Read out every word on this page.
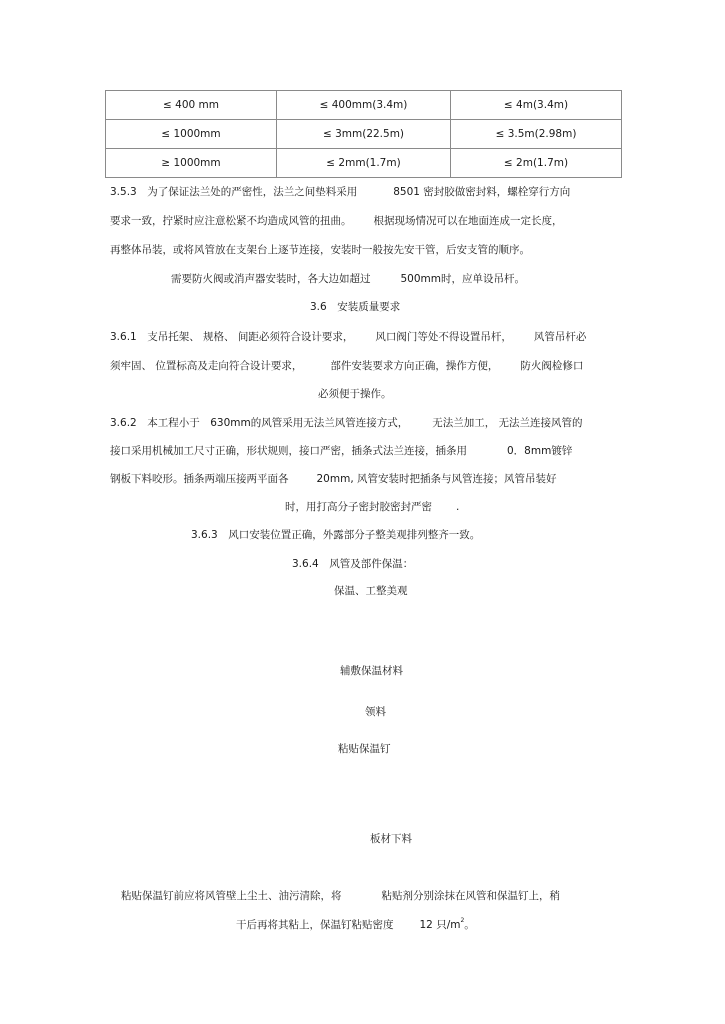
≤ 400 mm	≤ 400mm(3.4m)	≤ 4m(3.4m)
≤ 1000mm	≤ 3mm(22.5m)	≤ 3.5m(2.98m)
≥ 1000mm	≤ 2mm(1.7m)	≤ 2m(1.7m)
3.5.3　为了保证法兰处的严密性，法兰之间垫料采用	8501 密封胶做密封料，螺栓穿行方向
要求一致，拧紧时应注意松紧不均造成风管的扭曲。 根据现场情况可以在地面连成一定长度，
再整体吊装，或将风管放在支架台上逐节连接，安装时一般按先安干管，后安支管的顺序。
需要防火阀或消声器安装时，各大边如超过	500mm时，应单设吊杆。
3.6　安装质量要求
3.6.1　支吊托架、 规格、 间距必须符合设计要求， 风口阀门等处不得设置吊杆， 风管吊杆必
须牢固、 位置标高及走向符合设计要求，	部件安装要求方向正确，操作方便， 防火阀检修口
必须便于操作。
3.6.2　本工程小于　630mm的风管采用无法兰风管连接方式， 无法兰加工， 无法兰连接风管的
接口采用机械加工尺寸正确，形状规则，接口严密，插条式法兰连接，插条用	0．8mm镀锌
钢板下料咬形。插条两端压接两平面各	20mm, 风管安装时把插条与风管连接；风管吊装好
时，用打高分子密封胶密封严密 .
3.6.3　风口安装位置正确，外露部分子整美观排列整齐一致。
3.6.4　风管及部件保温：
保温、工整美观
辅敷保温材料
领料
粘贴保温钉
板材下料
粘贴保温钉前应将风管壁上尘土、油污清除，将	粘贴剂分别涂抹在风管和保温钉上，稍
干后再将其粘上，保温钉粘贴密度 12 只$/m^2$。
